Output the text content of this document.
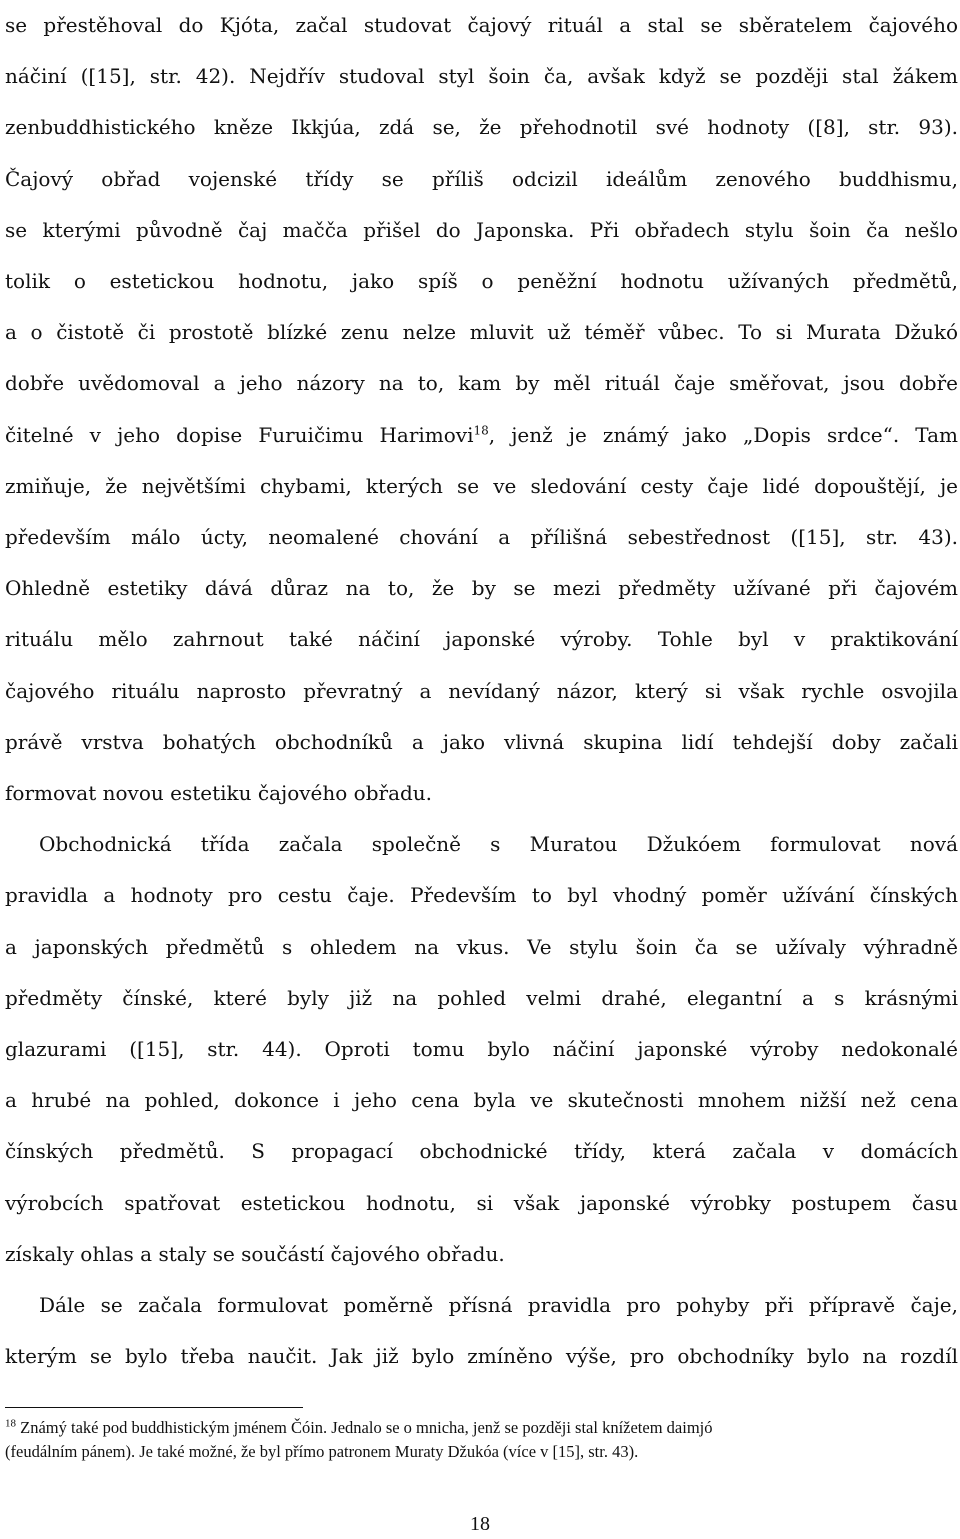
se přestěhoval do Kjóta, začal studovat čajový rituál a stal se sběratelem čajového
náčiní ([15], str. 42). Nejdřív studoval styl šoin ča, avšak když se později stal žákem
zenbuddhistického kněze Ikkjúa, zdá se, že přehodnotil své hodnoty ([8], str. 93).
Čajový obřad vojenské třídy se příliš odcizil ideálům zenového buddhismu,
se kterými původně čaj mačča přišel do Japonska. Při obřadech stylu šoin ča nešlo
tolik o estetickou hodnotu, jako spíš o peněžní hodnotu užívaných předmětů,
a o čistotě či prostotě blízké zenu nelze mluvit už téměř vůbec. To si Murata Džukó
dobře uvědomoval a jeho názory na to, kam by měl rituál čaje směřovat, jsou dobře
čitelné v jeho dopise Furuičimu Harimovi$^{18}$, jenž je známý jako „Dopis srdce“. Tam
zmiňuje, že největšími chybami, kterých se ve sledování cesty čaje lidé dopouštějí, je
především málo úcty, neomalené chování a přílišná sebestřednost ([15], str. 43).
Ohledně estetiky dává důraz na to, že by se mezi předměty užívané při čajovém
rituálu mělo zahrnout také náčiní japonské výroby. Tohle byl v praktikování
čajového rituálu naprosto převratný a nevídaný názor, který si však rychle osvojila
právě vrstva bohatých obchodníků a jako vlivná skupina lidí tehdejší doby začali
formovat novou estetiku čajového obřadu.
Obchodnická třída začala společně s Muratou Džukóem formulovat nová
pravidla a hodnoty pro cestu čaje. Především to byl vhodný poměr užívání čínských
a japonských předmětů s ohledem na vkus. Ve stylu šoin ča se užívaly výhradně
předměty čínské, které byly již na pohled velmi drahé, elegantní a s krásnými
glazurami ([15], str. 44). Oproti tomu bylo náčiní japonské výroby nedokonalé
a hrubé na pohled, dokonce i jeho cena byla ve skutečnosti mnohem nižší než cena
čínských předmětů. S propagací obchodnické třídy, která začala v domácích
výrobcích spatřovat estetickou hodnotu, si však japonské výrobky postupem času
získaly ohlas a staly se součástí čajového obřadu.
Dále se začala formulovat poměrně přísná pravidla pro pohyby při přípravě čaje,
kterým se bylo třeba naučit. Jak již bylo zmíněno výše, pro obchodníky bylo na rozdíl
$^{18}$ Známý také pod buddhistickým jménem Čóin. Jednalo se o mnicha, jenž se později stal knížetem daimjó
(feudálním pánem). Je také možné, že byl přímo patronem Muraty Džukóa (více v [15], str. 43).
18
